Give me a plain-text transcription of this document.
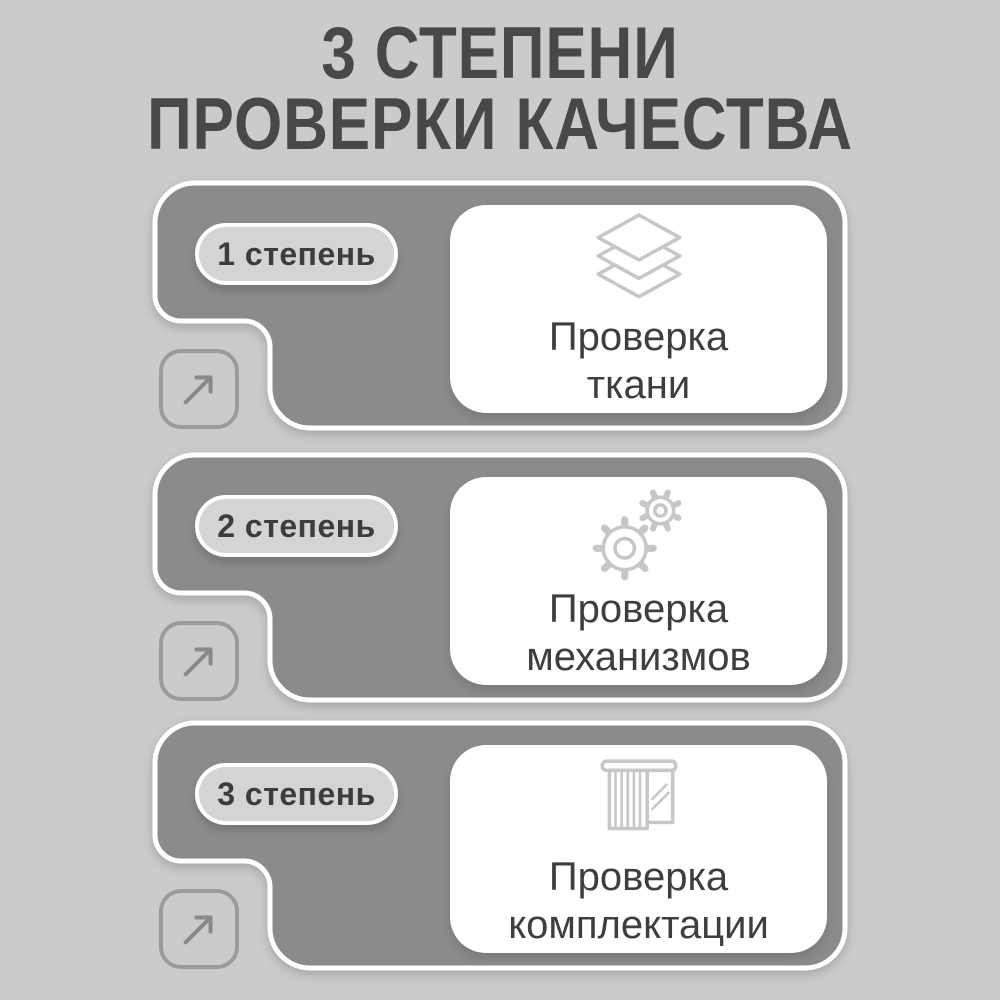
3 СТЕПЕНИ
ПРОВЕРКИ КАЧЕСТВА
1 степень
Проверка
ткани
2 степень
Проверка
механизмов
3 степень
Проверка
комплектации
